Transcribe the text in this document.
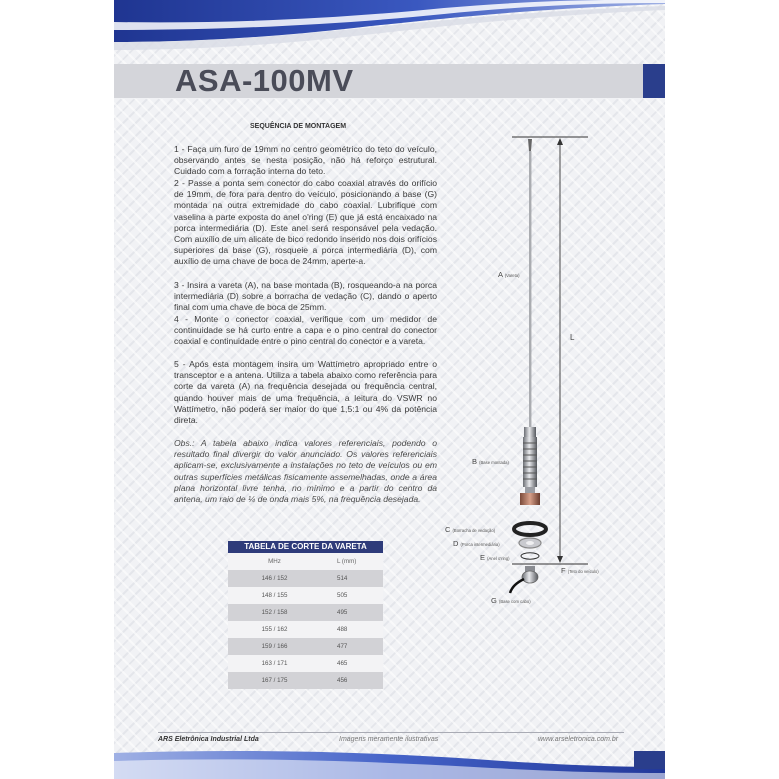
ASA-100MV
SEQUÊNCIA DE MONTAGEM

1 - Faça um furo de 19mm no centro geométrico do teto do veículo, observando antes se nesta posição, não há reforço estrutural. Cuidado com a forração interna do teto.

2 - Passe a ponta sem conector do cabo coaxial através do orifício de 19mm, de fora para dentro do veículo, posicionando a base (G) montada na outra extremidade do cabo coaxial. Lubrifique com vaselina a parte exposta do anel o'ring (E) que já está encaixado na porca intermediária (D). Este anel será responsável pela vedação. Com auxílio de um alicate de bico redondo inserido nos dois orifícios superiores da base (G), rosqueie a porca intermediária (D), com auxílio de uma chave de boca de 24mm, aperte-a.

3 - Insira a vareta (A), na base montada (B), rosqueando-a na porca intermediária (D) sobre a borracha de vedação (C), dando o aperto final com uma chave de boca de 25mm.

4 - Monte o conector coaxial, verifique com um medidor de continuidade se há curto entre a capa e o pino central do conector coaxial e continuidade entre o pino central do conector e a vareta.

5 - Após esta montagem insira um Wattímetro apropriado entre o transceptor e a antena. Utiliza a tabela abaixo como referência para corte da vareta (A) na frequência desejada ou frequência central, quando houver mais de uma frequência, a leitura do VSWR no Wattímetro, não poderá ser maior do que 1,5:1 ou 4% da potência direta.

Obs.: A tabela abaixo indica valores referenciais, podendo o resultado final divergir do valor anunciado. Os valores referenciais aplicam-se, exclusivamente a instalações no teto de veículos ou em outras superfícies metálicas fisicamente assemelhadas, onde a área plana horizontal livre tenha, no mínimo e a partir do centro da antena, um raio de ¼ de onda mais 5%, na frequência desejada.

TABELA DE CORTE DA VARETA
MHz	L (mm)
146 / 152	514
148 / 155	505
152 / 158	495
155 / 162	488
159 / 166	477
163 / 171	465
167 / 175	456
L
A (Vareta)
B (Base montada)
C (Borracha de vedação)
D (Porca intermediária)
E (Anel o'ring)
F (Teto do veículo)
G (Base com cabo)
ARS Eletrônica Industrial Ltda	Imagens meramente ilustrativas	www.arseletronica.com.br
